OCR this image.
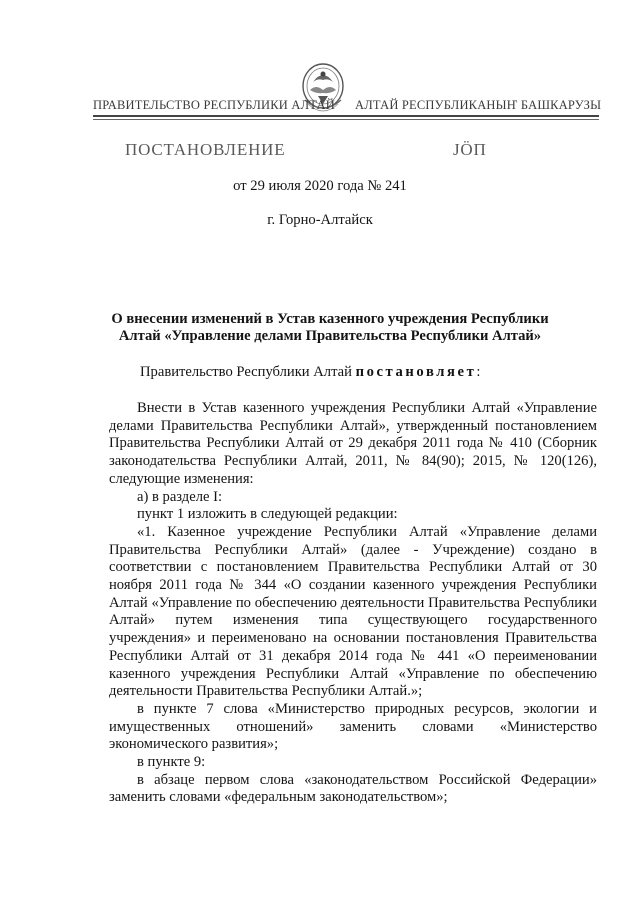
ПРАВИТЕЛЬСТВО РЕСПУБЛИКИ АЛТАЙ АЛТАЙ РЕСПУБЛИКАНЫҤ БАШКАРУЗЫ
ПОСТАНОВЛЕНИЕ	ЈӦП
от 29 июля 2020 года № 241
г. Горно-Алтайск
О внесении изменений в Устав казенного учреждения Республики
Алтай «Управление делами Правительства Республики Алтай»
Правительство Республики Алтай постановляет:

Внести в Устав казенного учреждения Республики Алтай «Управление делами Правительства Республики Алтай», утвержденный постановлением Правительства Республики Алтай от 29 декабря 2011 года № 410 (Сборник законодательства Республики Алтай, 2011, № 84(90); 2015, № 120(126), следующие изменения:

а) в разделе I:

пункт 1 изложить в следующей редакции:

«1. Казенное учреждение Республики Алтай «Управление делами Правительства Республики Алтай» (далее - Учреждение) создано в соответствии с постановлением Правительства Республики Алтай от 30 ноября 2011 года № 344 «О создании казенного учреждения Республики Алтай «Управление по обеспечению деятельности Правительства Республики Алтай» путем изменения типа существующего государственного учреждения» и переименовано на основании постановления Правительства Республики Алтай от 31 декабря 2014 года № 441 «О переименовании казенного учреждения Республики Алтай «Управление по обеспечению деятельности Правительства Республики Алтай.»;

в пункте 7 слова «Министерство природных ресурсов, экологии и имущественных отношений» заменить словами «Министерство экономического развития»;

в пункте 9:

в абзаце первом слова «законодательством Российской Федерации» заменить словами «федеральным законодательством»;
